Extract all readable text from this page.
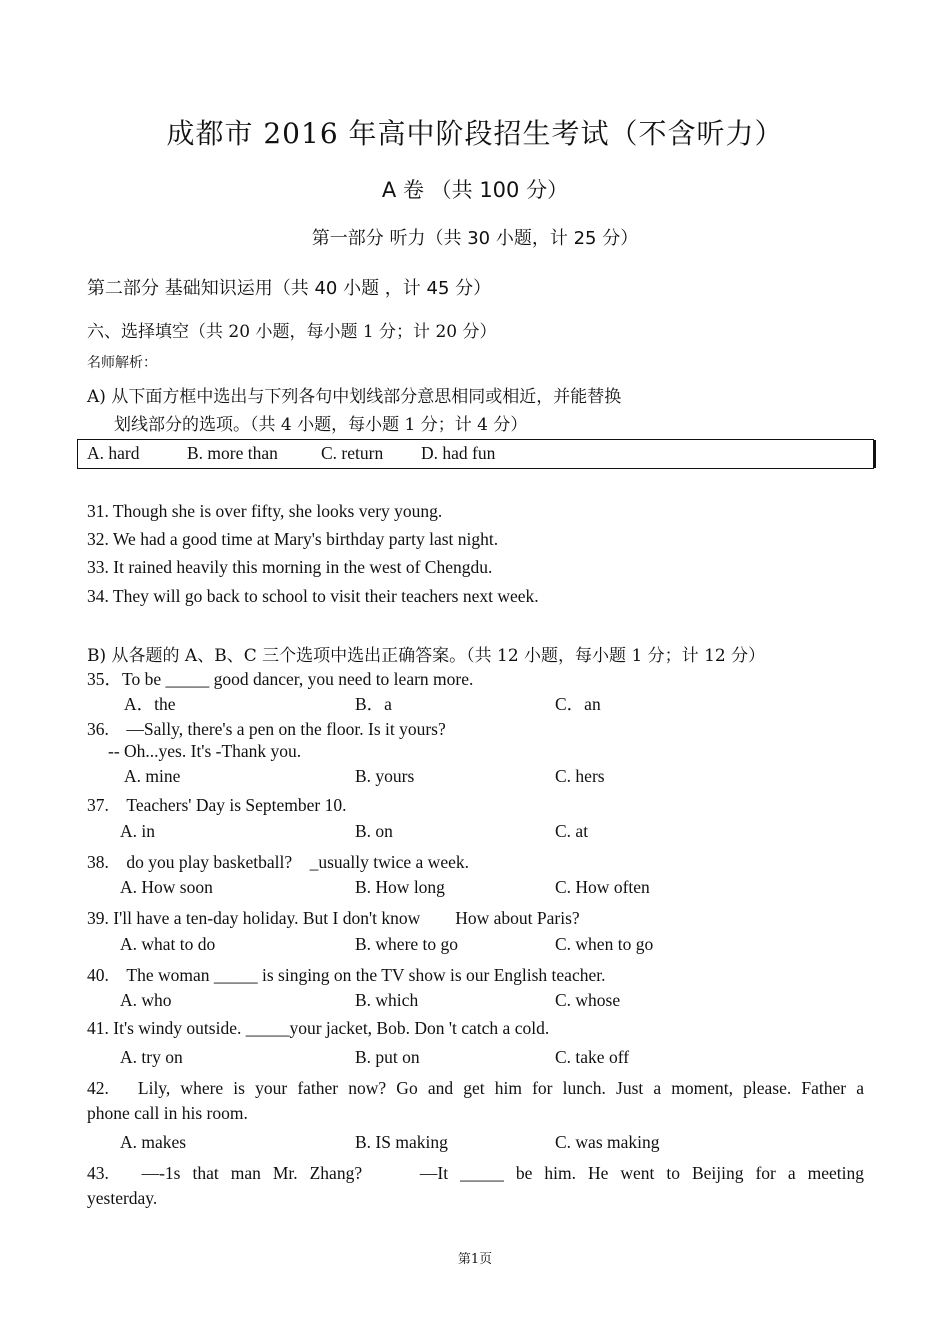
成都市 2016 年高中阶段招生考试（不含听力）
A 卷 （共 100 分）
第一部分 听力（共 30 小题，计 25 分）
第二部分 基础知识运用（共 40 小题 ，计 45 分）
六、选择填空（共 20 小题，每小题 1 分；计 20 分）
名师解析：
A) 从下面方框中选出与下列各句中划线部分意思相同或相近，并能替换
划线部分的选项。（共 4 小题，每小题 1 分；计 4 分）
A. hard	B. more than C. return D. had fun
31. Though she is over fifty, she looks very young.
32. We had a good time at Mary's birthday party last night.
33. It rained heavily this morning in the west of Chengdu.
34. They will go back to school to visit their teachers next week.
B) 从各题的 A、B、C 三个选项中选出正确答案。（共 12 小题，每小题 1 分；计 12 分）
35．To be _____ good dancer, you need to learn more.
A．the	B．a	C．an
36.　—Sally, there's a pen on the floor. Is it yours?
-- Oh...yes. It's -Thank you.
A. mine	B. yours	C. hers
37.　Teachers' Day is September 10.
A. in	B. on	C. at
38.　do you play basketball?　_usually twice a week.
A. How soon	B. How long	C. How often
39. I'll have a ten-day holiday. But I don't know　　How about Paris?
A. what to do	B. where to go	C. when to go
40.　The woman _____ is singing on the TV show is our English teacher.
A. who	B. which	C. whose
41. It's windy outside. _____your jacket, Bob. Don 't catch a cold.
A. try on	B. put on	C. take off
42.　Lily, where is your father now? Go and get him for lunch. Just a moment, please. Father a
phone call in his room.
A. makes	B. IS making	C. was making
43.　—-1s that man Mr. Zhang?　　—It _____ be him. He went to Beijing for a meeting
yesterday.
第1页
